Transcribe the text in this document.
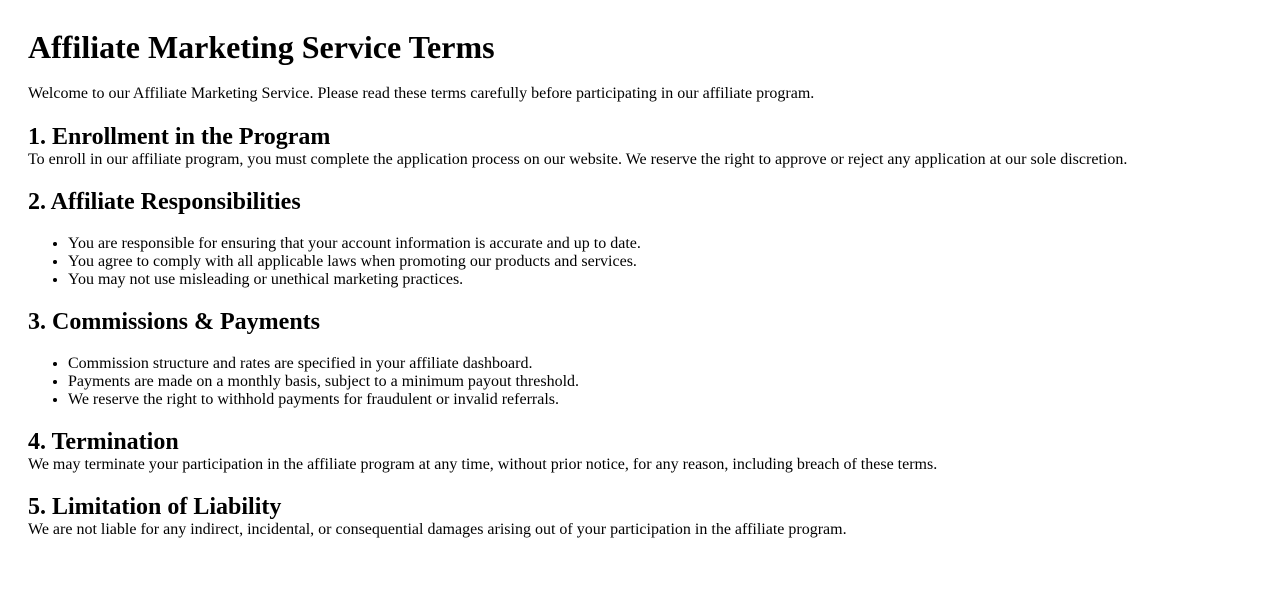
Affiliate Marketing Service Terms

Welcome to our Affiliate Marketing Service. Please read these terms carefully before participating in our affiliate program.

1. Enrollment in the Program

To enroll in our affiliate program, you must complete the application process on our website. We reserve the right to approve or reject any application at our sole discretion.

2. Affiliate Responsibilities
• You are responsible for ensuring that your account information is accurate and up to date.
• You agree to comply with all applicable laws when promoting our products and services.
• You may not use misleading or unethical marketing practices.
3. Commissions & Payments
• Commission structure and rates are specified in your affiliate dashboard.
• Payments are made on a monthly basis, subject to a minimum payout threshold.
• We reserve the right to withhold payments for fraudulent or invalid referrals.
4. Termination

We may terminate your participation in the affiliate program at any time, without prior notice, for any reason, including breach of these terms.

5. Limitation of Liability

We are not liable for any indirect, incidental, or consequential damages arising out of your participation in the affiliate program.
